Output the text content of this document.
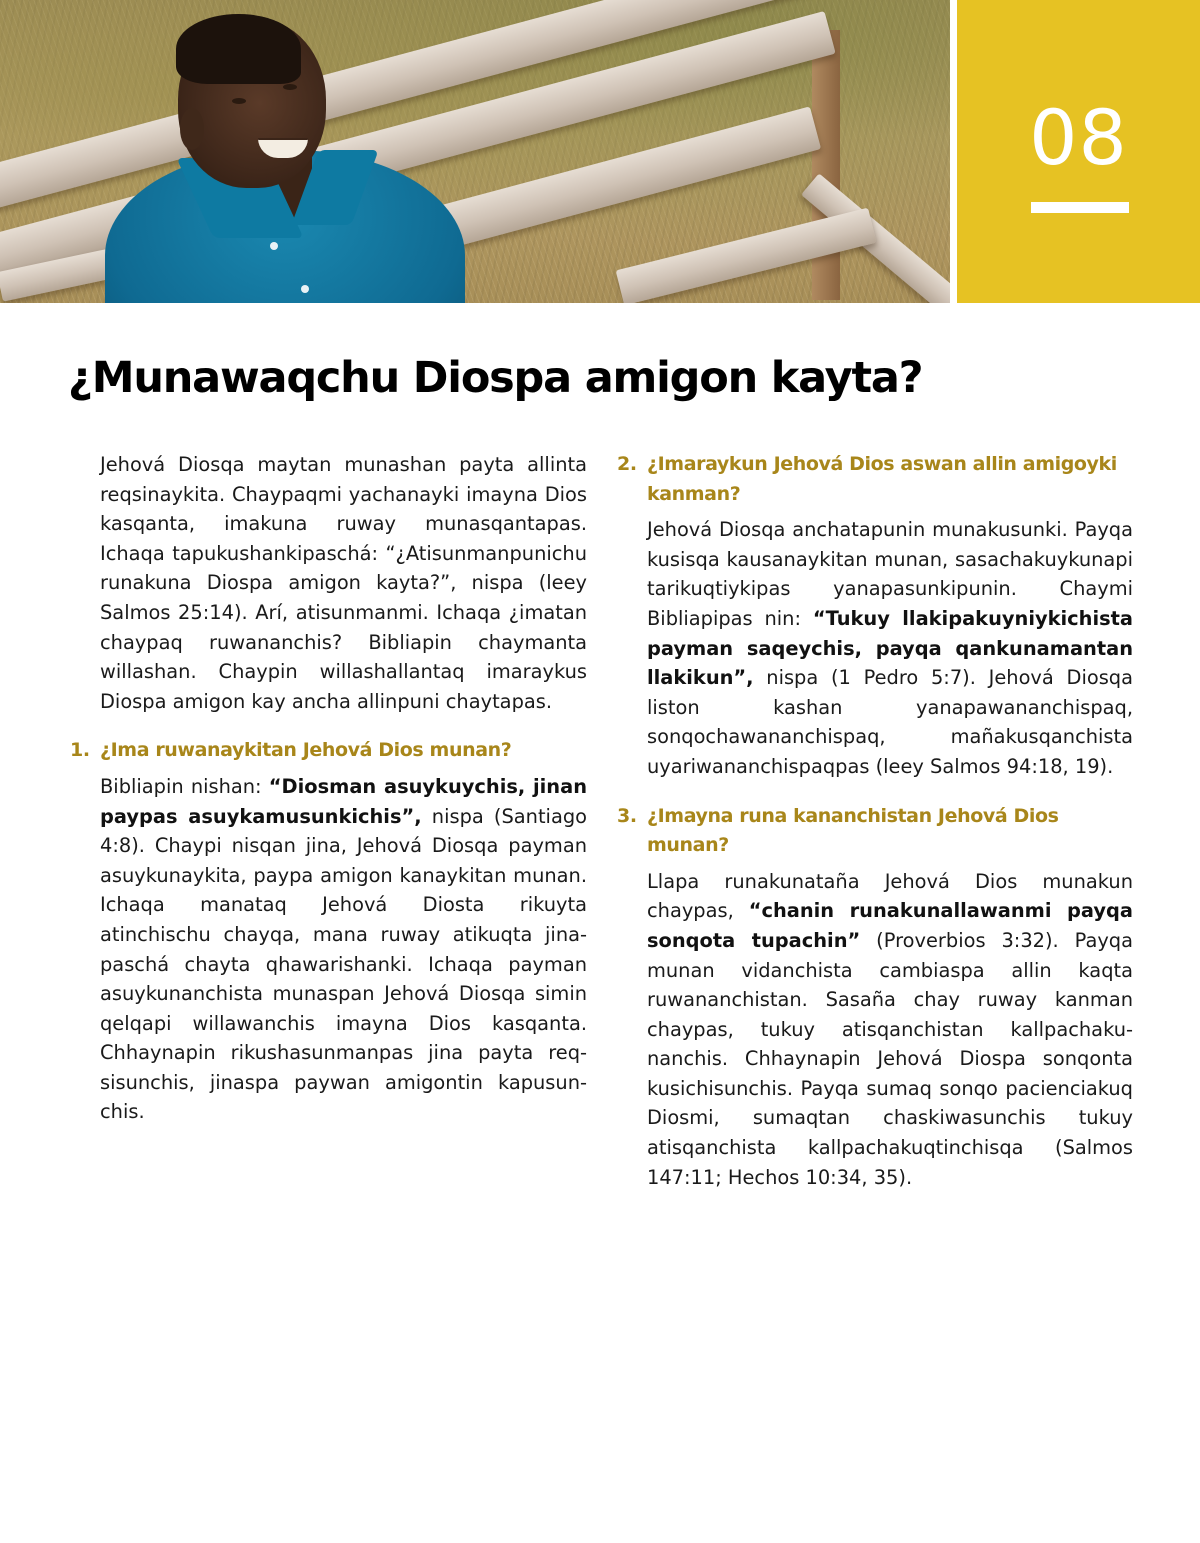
08
¿Munawaqchu Diospa amigon kayta?

Jehová Diosqa maytan munashan payta allinta reqsinaykita. Chaypaqmi yachanayki imayna Dios kasqanta, imakuna ruway munasqantapas. Ichaqa tapukushankipaschá: “¿Atisunmanpunichu runakuna Diospa amigon kayta?”, nispa (leey Salmos 25:14). Arí, atisunmanmi. Ichaqa ¿imatan chaypaq ruwananchis? Bibliapin chaymanta willashan. Chaypin willashallantaq imaraykus Diospa amigon kay ancha allinpuni chaytapas.

1. ¿Ima ruwanaykitan Jehová Dios munan?

Bibliapin nishan: “Diosman asuykuychis, jinan paypas asuykamusunkichis”, nispa (Santiago 4:8). Chaypi nisqan jina, Jehová Diosqa payman asuykunaykita, paypa amigon kanaykitan munan. Ichaqa manataq Jehová Diosta rikuyta atinchischu chayqa, mana ruway atikuqta jinapaschá chayta qhawarishanki. Ichaqa payman asuykunanchista munaspan Jehová Diosqa simin qelqapi willawanchis imayna Dios kasqanta. Chhaynapin rikushasunmanpas jina payta reqsisunchis, jinaspa paywan amigontin kapusunchis.

2. ¿Imaraykun Jehová Dios aswan allin amigoyki kanman?

Jehová Diosqa anchatapunin munakusunki. Payqa kusisqa kausanaykitan munan, sasachakuykunapi tarikuqtiykipas yanapasunkipunin. Chaymi Bibliapipas nin: “Tukuy llakipakuyniykichista payman saqeychis, payqa qankunamantan llakikun”, nispa (1 Pedro 5:7). Jehová Diosqa liston kashan yanapawananchispaq, sonqochawananchispaq, mañakusqanchista uyariwananchispaqpas (leey Salmos 94:18, 19).

3. ¿Imayna runa kananchistan Jehová Dios munan?

Llapa runakunataña Jehová Dios munakun chaypas, “chanin runakunallawanmi payqa sonqota tupachin” (Proverbios 3:32). Payqa munan vidanchista cambiaspa allin kaqta ruwananchistan. Sasaña chay ruway kanman chaypas, tukuy atisqanchistan kallpachakunanchis. Chhaynapin Jehová Diospa sonqonta kusichisunchis. Payqa sumaq sonqo pacienciakuq Diosmi, sumaqtan chaskiwasunchis tukuy atisqanchista kallpachakuqtinchisqa (Salmos 147:11; Hechos 10:34, 35).
